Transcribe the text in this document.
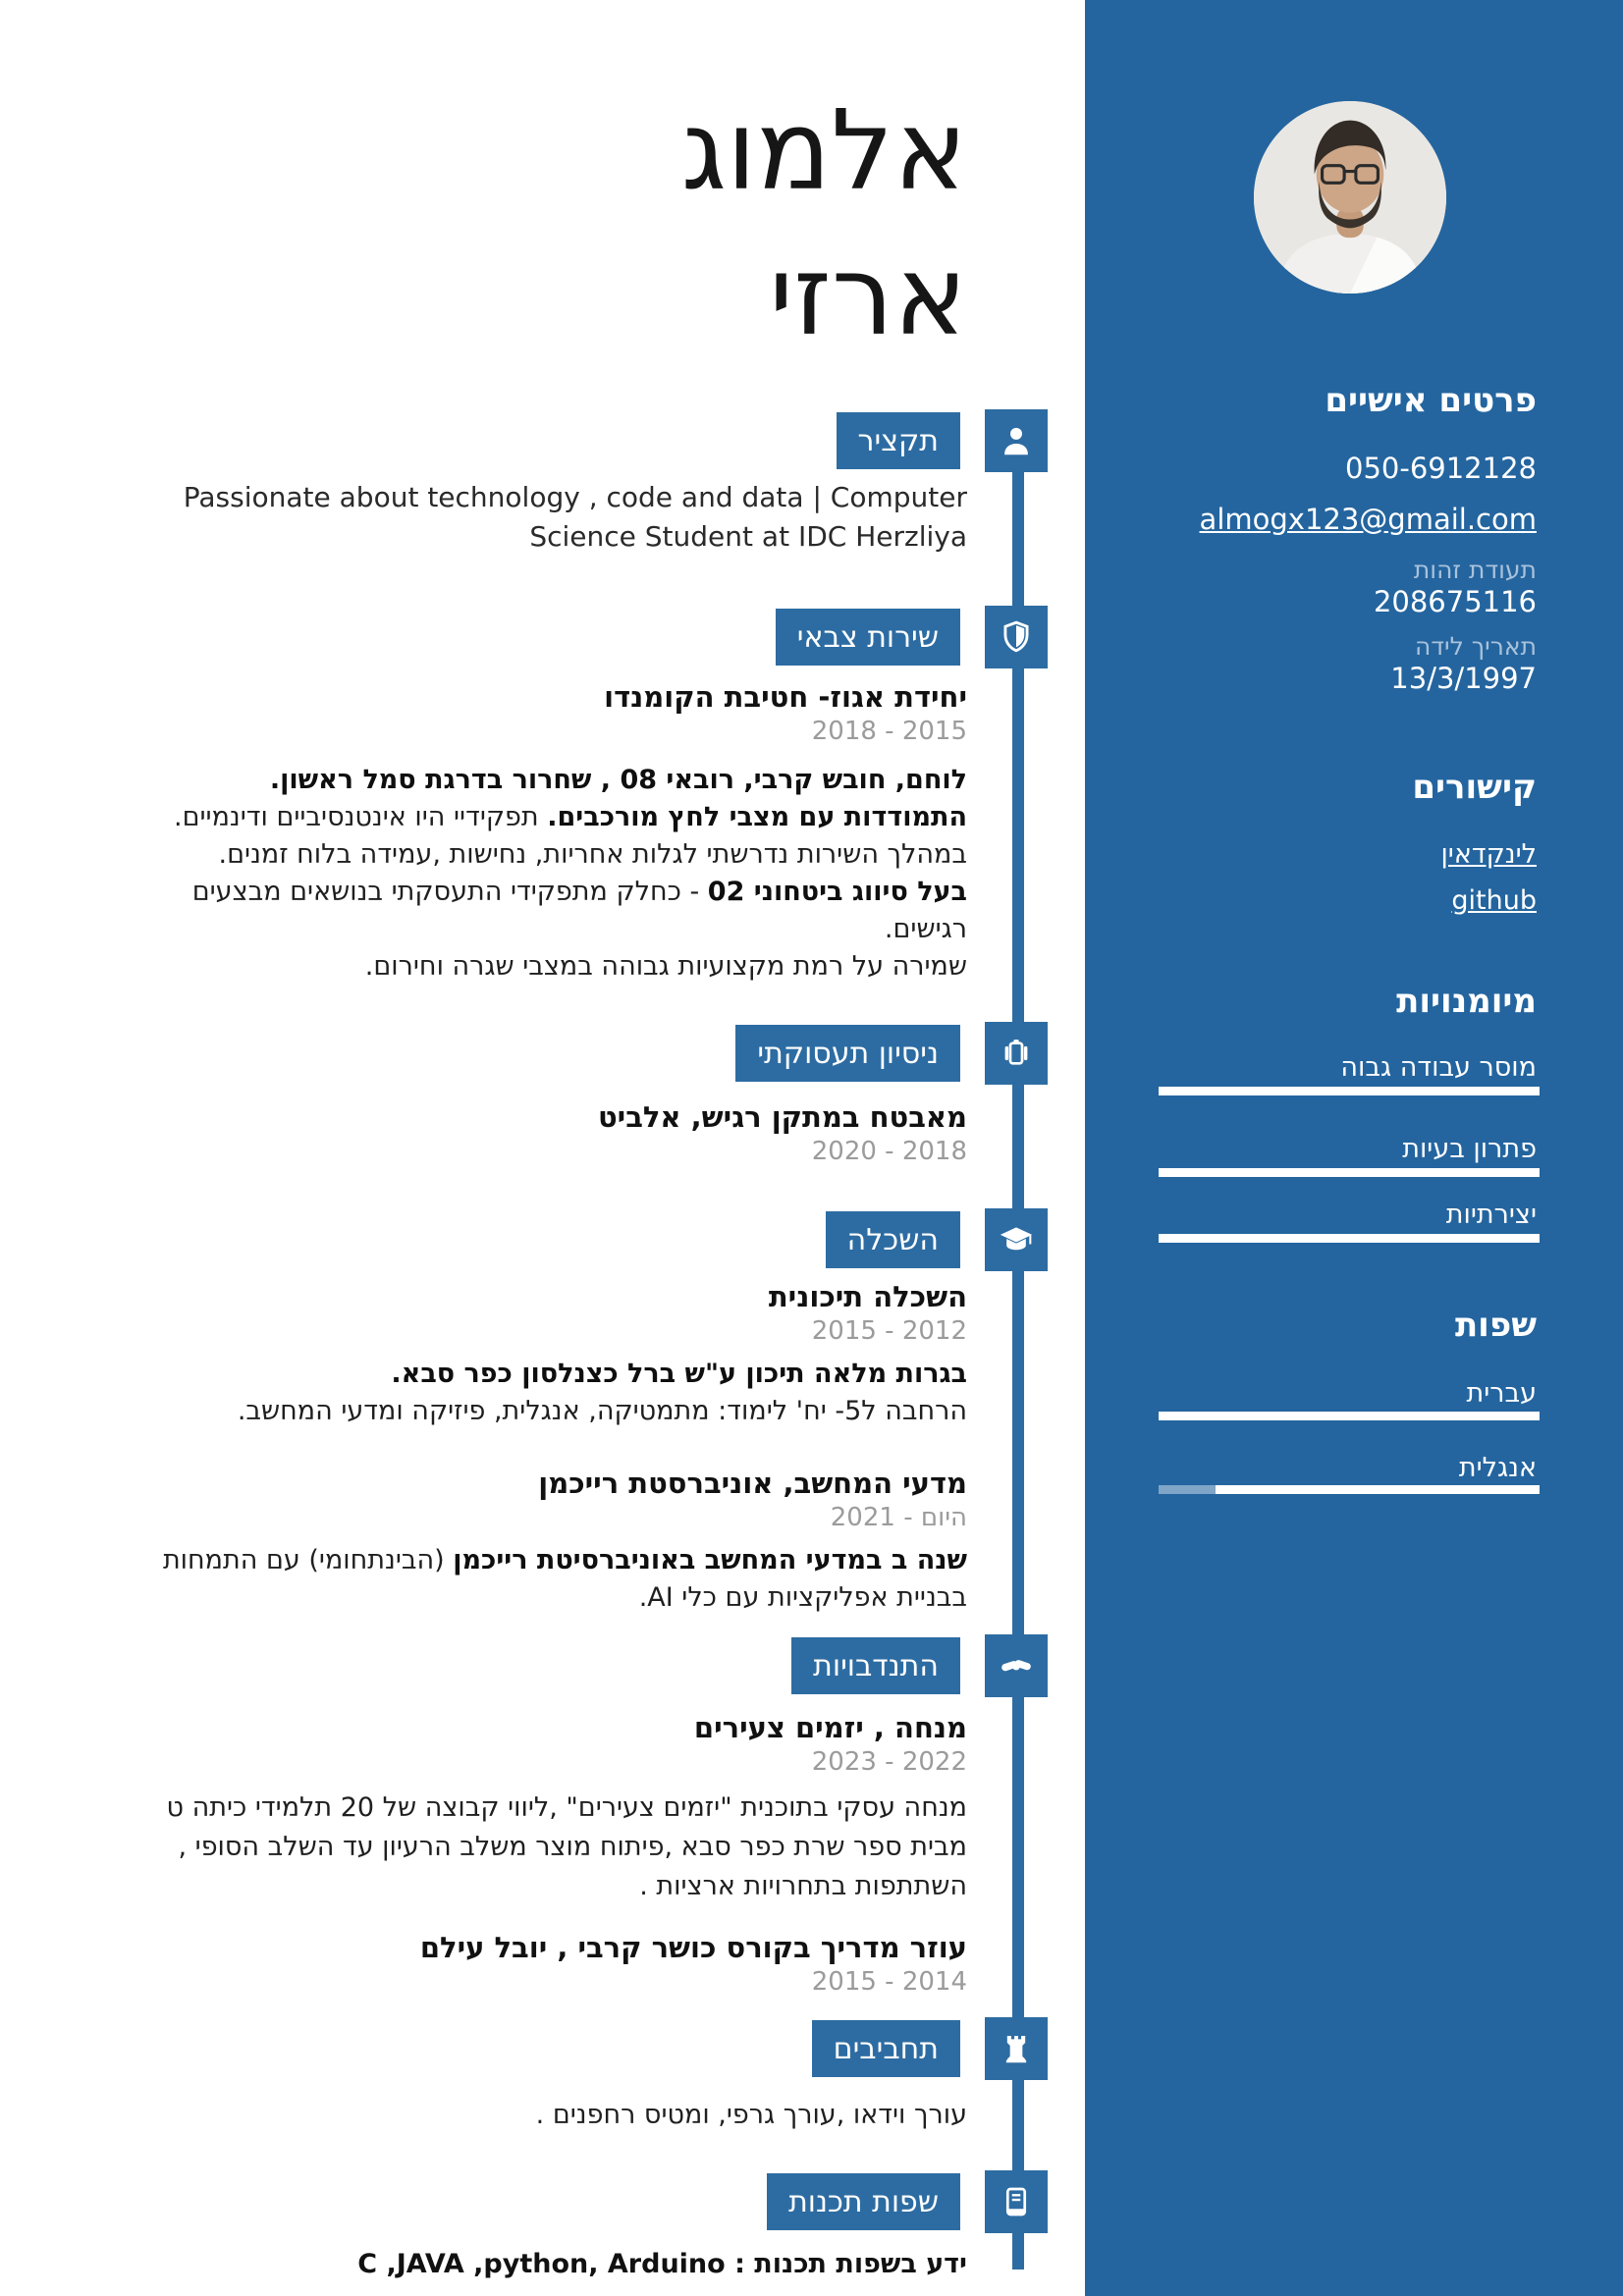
אלמוג
ארזי
תקציר
שירות צבאי
ניסיון תעסוקתי
השכלה
התנדבויות
תחביבים
שפות תכנות
Passionate about technology , code and data | Computer Science Student at IDC Herzliya
יחידת אגוז- חטיבת הקומנדו
2018 - 2015
לוחם, חובש קרבי, רובאי 08 , שחרור בדרגת סמל ראשון.
התמודדות עם מצבי לחץ מורכבים. תפקידיי היו אינטנסיביים ודינמיים.
במהלך השירות נדרשתי לגלות אחריות, נחישות ,עמידה בלוח זמנים.
בעל סיווג ביטחוני 02 - כחלק מתפקידי התעסקתי בנושאים מבצעים רגישים.
שמירה על רמת מקצועיות גבוהה במצבי שגרה וחירום.
מאבטח במתקן רגיש, אלביט
2020 - 2018
השכלה תיכונית
2015 - 2012
בגרות מלאה תיכון ע"ש ברל כצנלסון כפר סבא.
הרחבה ל5- יח' לימוד: מתמטיקה, אנגלית, פיזיקה ומדעי המחשב.
מדעי המחשב, אוניברסטת רייכמן
2021 - היום
שנה ב במדעי המחשב באוניברסיטת רייכמן (הבינתחומי) עם התמחות בבניית אפליקציות עם כלי AI.
מנחה , יזמים צעירים
2023 - 2022
מנחה עסקי בתוכנית "יזמים צעירים" ,ליווי קבוצה של 20 תלמידי כיתה ט מבית ספר שרת כפר סבא ,פיתוח מוצר משלב הרעיון עד השלב הסופי , השתתפות בתחרויות ארציות .
עוזר מדריך בקורס כושר קרבי , יובל עילם
2015 - 2014
עורך וידאו ,עורך גרפי, ומטיס רחפנים .
ידע בשפות תכנות : C ,JAVA ,python, Arduino
פרטים אישיים
050-6912128
almogx123@gmail.com
תעודת זהות
208675116
תאריך לידה
13/3/1997
קישורים
לינקדאין
github
מיומנויות
מוסר עבודה גבוה
פתרון בעיות
יצירתיות
שפות
עברית
אנגלית
